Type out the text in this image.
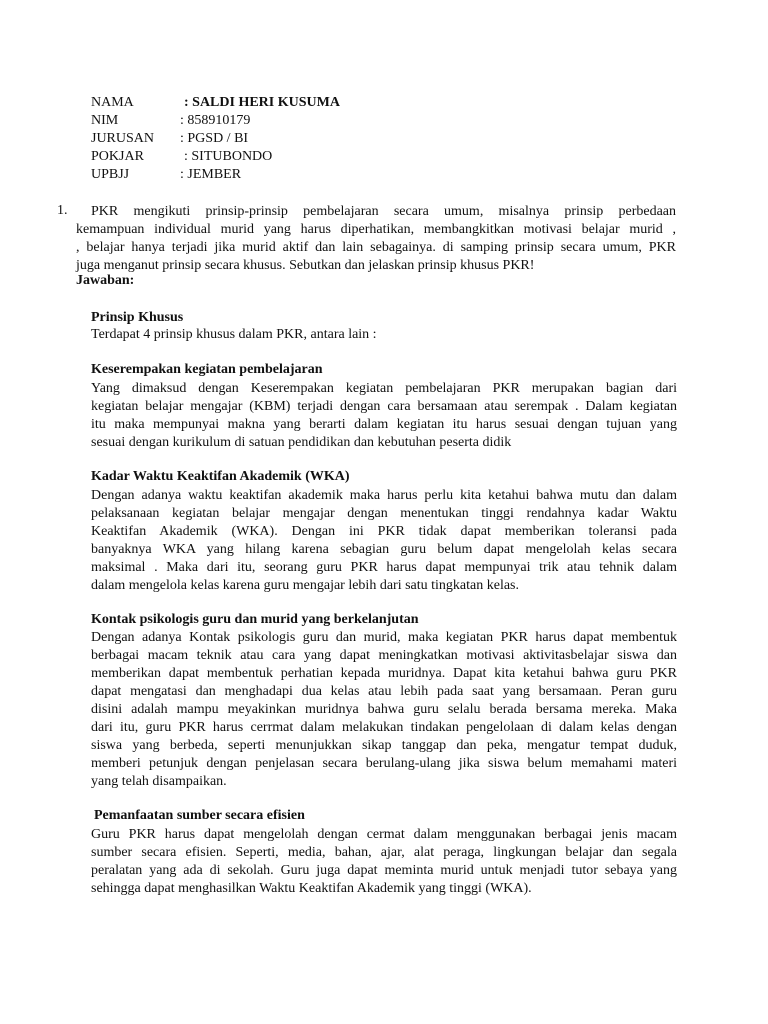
NAMA	: SALDI HERI KUSUMA
NIM	: 858910179
JURUSAN : PGSD / BI
POKJAR	: SITUBONDO
UPBJJ	: JEMBER
1.	PKR mengikuti prinsip-prinsip pembelajaran secara umum, misalnya prinsip perbedaan
kemampuan individual murid yang harus diperhatikan, membangkitkan motivasi belajar murid ,
, belajar hanya terjadi jika murid aktif dan lain sebagainya. di samping prinsip secara umum, PKR
juga menganut prinsip secara khusus. Sebutkan dan jelaskan prinsip khusus PKR!
Jawaban:
Prinsip Khusus
Terdapat 4 prinsip khusus dalam PKR, antara lain :
Keserempakan kegiatan pembelajaran
Yang dimaksud dengan Keserempakan kegiatan pembelajaran PKR merupakan bagian dari
kegiatan belajar mengajar (KBM) terjadi dengan cara bersamaan atau serempak . Dalam kegiatan
itu maka mempunyai makna yang berarti dalam kegiatan itu harus sesuai dengan tujuan yang
sesuai dengan kurikulum di satuan pendidikan dan kebutuhan peserta didik
Kadar Waktu Keaktifan Akademik (WKA)
Dengan adanya waktu keaktifan akademik maka harus perlu kita ketahui bahwa mutu dan dalam
pelaksanaan kegiatan belajar mengajar dengan menentukan tinggi rendahnya kadar Waktu
Keaktifan Akademik (WKA). Dengan ini PKR tidak dapat memberikan toleransi pada
banyaknya WKA yang hilang karena sebagian guru belum dapat mengelolah kelas secara
maksimal . Maka dari itu, seorang guru PKR harus dapat mempunyai trik atau tehnik dalam
dalam mengelola kelas karena guru mengajar lebih dari satu tingkatan kelas.
Kontak psikologis guru dan murid yang berkelanjutan
Dengan adanya Kontak psikologis guru dan murid, maka kegiatan PKR harus dapat membentuk
berbagai macam teknik atau cara yang dapat meningkatkan motivasi aktivitasbelajar siswa dan
memberikan dapat membentuk perhatian kepada muridnya. Dapat kita ketahui bahwa guru PKR
dapat mengatasi dan menghadapi dua kelas atau lebih pada saat yang bersamaan. Peran guru
disini adalah mampu meyakinkan muridnya bahwa guru selalu berada bersama mereka. Maka
dari itu, guru PKR harus cerrmat dalam melakukan tindakan pengelolaan di dalam kelas dengan
siswa yang berbeda, seperti menunjukkan sikap tanggap dan peka, mengatur tempat duduk,
memberi petunjuk dengan penjelasan secara berulang-ulang jika siswa belum memahami materi
yang telah disampaikan.
Pemanfaatan sumber secara efisien
Guru PKR harus dapat mengelolah dengan cermat dalam menggunakan berbagai jenis macam
sumber secara efisien. Seperti, media, bahan, ajar, alat peraga, lingkungan belajar dan segala
peralatan yang ada di sekolah. Guru juga dapat meminta murid untuk menjadi tutor sebaya yang
sehingga dapat menghasilkan Waktu Keaktifan Akademik yang tinggi (WKA).
